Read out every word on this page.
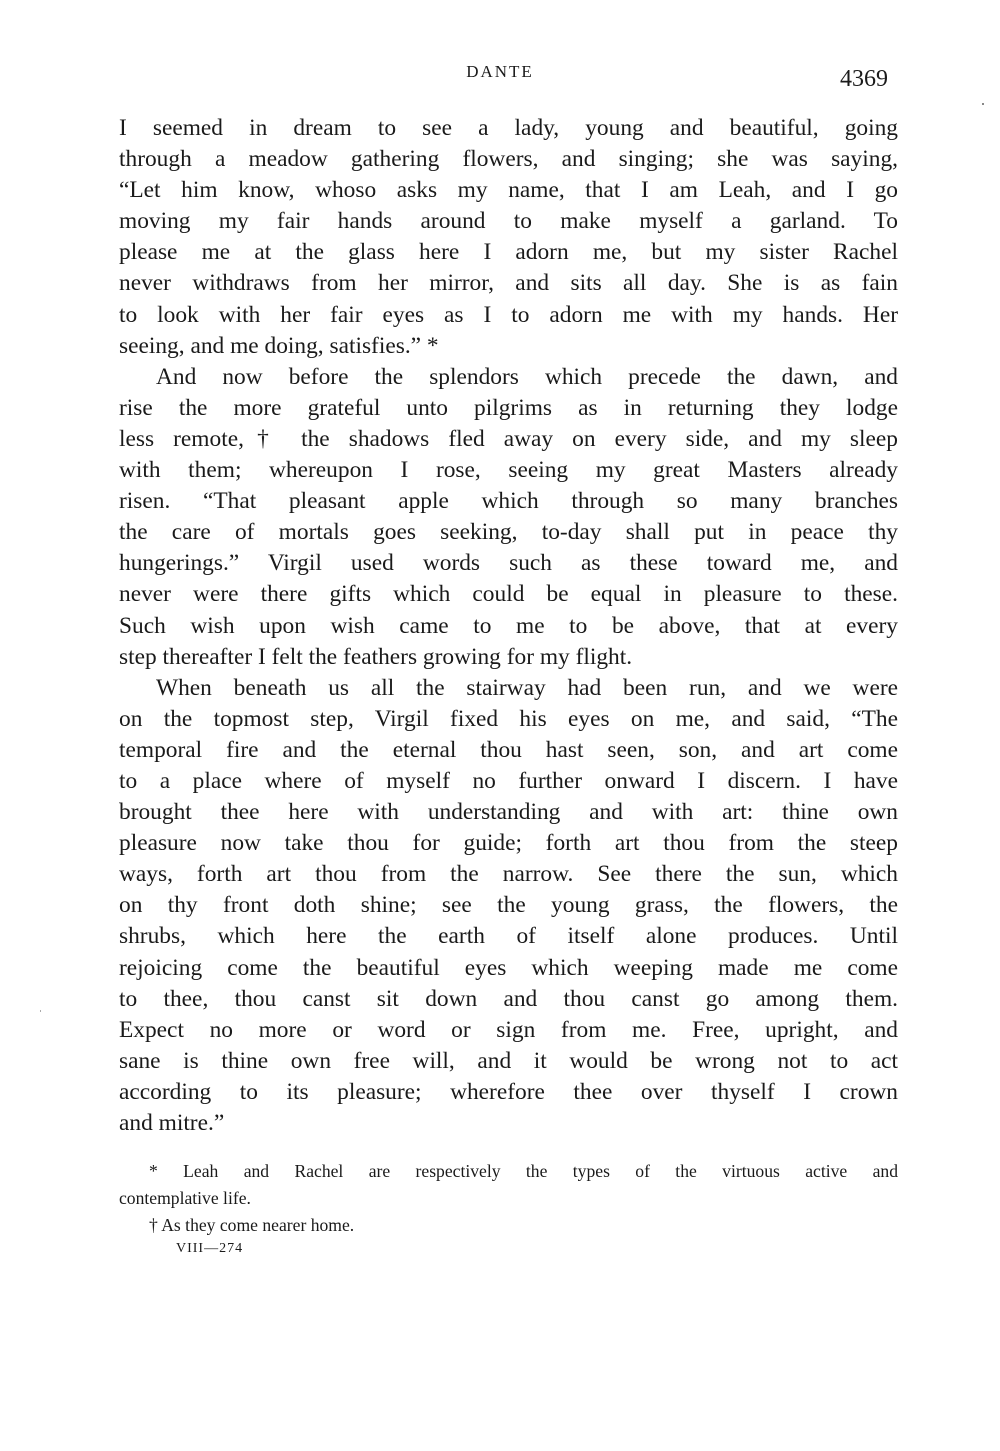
DANTE	4369
I seemed in dream to see a lady, young and beautiful, going
through a meadow gathering flowers, and singing; she was saying,
“Let him know, whoso asks my name, that I am Leah, and I go
moving my fair hands around to make myself a garland. To
please me at the glass here I adorn me, but my sister Rachel
never withdraws from her mirror, and sits all day. She is as fain
to look with her fair eyes as I to adorn me with my hands. Her
seeing, and me doing, satisfies.” *
And now before the splendors which precede the dawn, and
rise the more grateful unto pilgrims as in returning they lodge
less remote,† the shadows fled away on every side, and my sleep
with them; whereupon I rose, seeing my great Masters already
risen. “That pleasant apple which through so many branches
the care of mortals goes seeking, to-day shall put in peace thy
hungerings.” Virgil used words such as these toward me, and
never were there gifts which could be equal in pleasure to these.
Such wish upon wish came to me to be above, that at every
step thereafter I felt the feathers growing for my flight.
When beneath us all the stairway had been run, and we were
on the topmost step, Virgil fixed his eyes on me, and said, “The
temporal fire and the eternal thou hast seen, son, and art come
to a place where of myself no further onward I discern. I have
brought thee here with understanding and with art: thine own
pleasure now take thou for guide; forth art thou from the steep
ways, forth art thou from the narrow. See there the sun, which
on thy front doth shine; see the young grass, the flowers, the
shrubs, which here the earth of itself alone produces. Until
rejoicing come the beautiful eyes which weeping made me come
to thee, thou canst sit down and thou canst go among them.
Expect no more or word or sign from me. Free, upright, and
sane is thine own free will, and it would be wrong not to act
according to its pleasure; wherefore thee over thyself I crown
and mitre.”
* Leah and Rachel are respectively the types of the virtuous active and
contemplative life.
† As they come nearer home.
VIII—274
